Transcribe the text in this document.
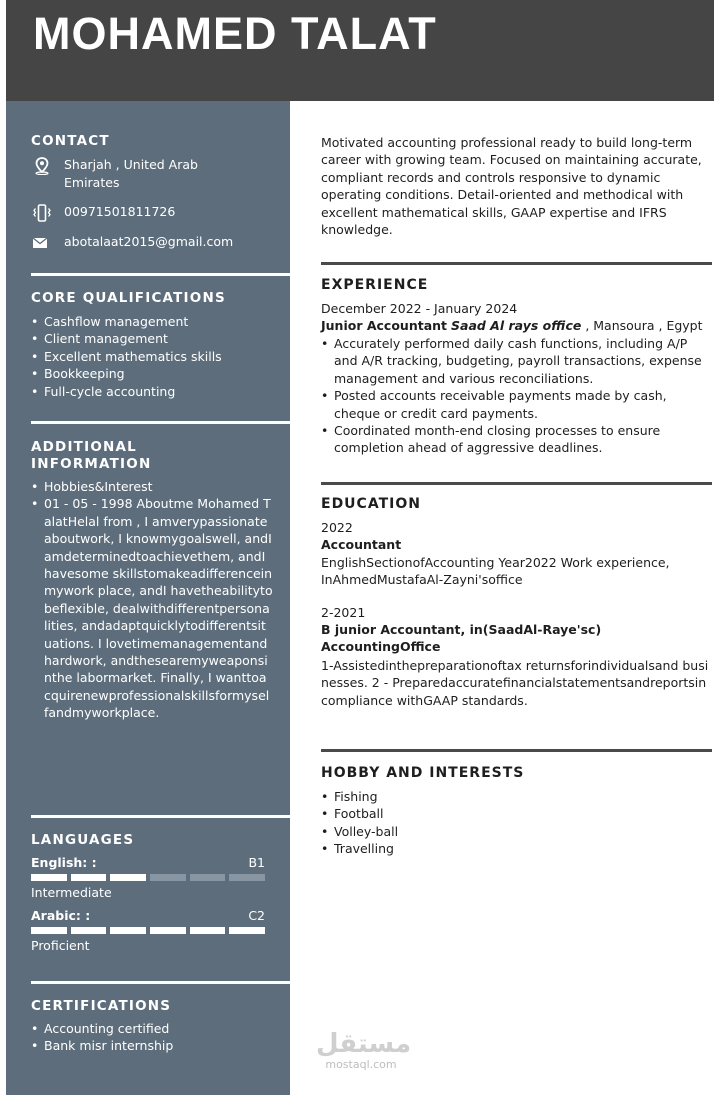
MOHAMED TALAT
CONTACT
Sharjah , United Arab Emirates
00971501811726
abotalaat2015@gmail.com
CORE QUALIFICATIONS
• Cashflow management
• Client management
• Excellent mathematics skills
• Bookkeeping
• Full-cycle accounting
ADDITIONAL INFORMATION
• Hobbies&Interest
• 01 - 05 - 1998 Aboutme Mohamed TalatHelal from , I amverypassionateaboutwork, I knowmygoalswell, andI amdeterminedtoachievethem, andI havesome skillstomakeadifferenceinmywork place, andI havetheabilitytobeflexible, dealwithdifferentpersonalities, andadaptquicklytodifferentsituations. I lovetimemanagementandhardwork, andthesearemyweaponsinthe labormarket. Finally, I wanttoacquirenewprofessionalskillsformyselfandmyworkplace.
LANGUAGES
English: :	B1
Intermediate
Arabic: :	C2
Proficient
CERTIFICATIONS
• Accounting certified
• Bank misr internship
Motivated accounting professional ready to build long-term career with growing team. Focused on maintaining accurate, compliant records and controls responsive to dynamic operating conditions. Detail-oriented and methodical with excellent mathematical skills, GAAP expertise and IFRS knowledge.
EXPERIENCE
December 2022 - January 2024
Junior Accountant Saad Al rays office , Mansoura , Egypt
• Accurately performed daily cash functions, including A/P and A/R tracking, budgeting, payroll transactions, expense management and various reconciliations.
• Posted accounts receivable payments made by cash, cheque or credit card payments.
• Coordinated month-end closing processes to ensure completion ahead of aggressive deadlines.
EDUCATION
2022
Accountant
EnglishSectionofAccounting Year2022 Work experience, InAhmedMustafaAl-Zayni'soffice
2-2021
B junior Accountant, in(SaadAl-Raye'sc) AccountingOffice
1-Assistedinthepreparationoftax returnsforindividualsand businesses. 2 - Preparedaccuratefinancialstatementsandreportsincompliance withGAAP standards.
HOBBY AND INTERESTS
• Fishing
• Football
• Volley-ball
• Travelling
مستقل
mostaql.com
